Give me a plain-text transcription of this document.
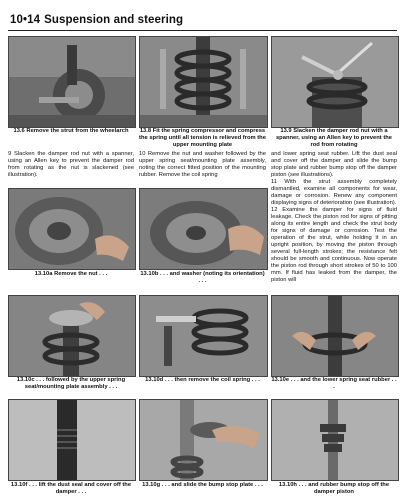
10•14 Suspension and steering
13.6 Remove the strut from the wheelarch	13.8 Fit the spring compressor and compress the spring until all tension is relieved from the upper mounting plate
13.9 Slacken the damper rod nut with a spanner, using an Allen key to prevent the rod from rotating

9 Slacken the damper rod nut with a spanner, using an Allen key to prevent the damper rod from rotating as the nut is slackened (see illustration).

10 Remove the nut and washer followed by the upper spring seat/mounting plate assembly, noting the correct fitted position of the mounting rubber. Remove the coil spring

and lower spring seat rubber. Lift the dust seal and cover off the damper and slide the bump stop plate and rubber bump stop off the damper piston (see illustrations).

11 With the strut assembly completely dismantled, examine all components for wear, damage or corrosion. Renew any component displaying signs of deterioration (see illustration).

12 Examine the damper for signs of fluid leakage. Check the piston rod for signs of pitting along its entire length and check the strut body for signs of damage or corrosion. Test the operation of the strut, while holding it in an upright position, by moving the piston through several full-length strokes; the resistance felt should be smooth and continuous. Now operate the piston rod through short strokes of 50 to 100 mm. If fluid has leaked from the damper, the piston will

13.10a Remove the nut . . .	13.10b . . . and washer (noting its orientation) . . .
13.10c . . . followed by the upper spring seat/mounting plate assembly . . .
13.10d . . . then remove the coil spring . . .	13.10e . . . and the lower spring seat rubber . . .
13.10f . . . lift the dust seal and cover off the damper . . .
13.10g . . . and slide the bump stop plate . . .	13.10h . . . and rubber bump stop off the damper piston
